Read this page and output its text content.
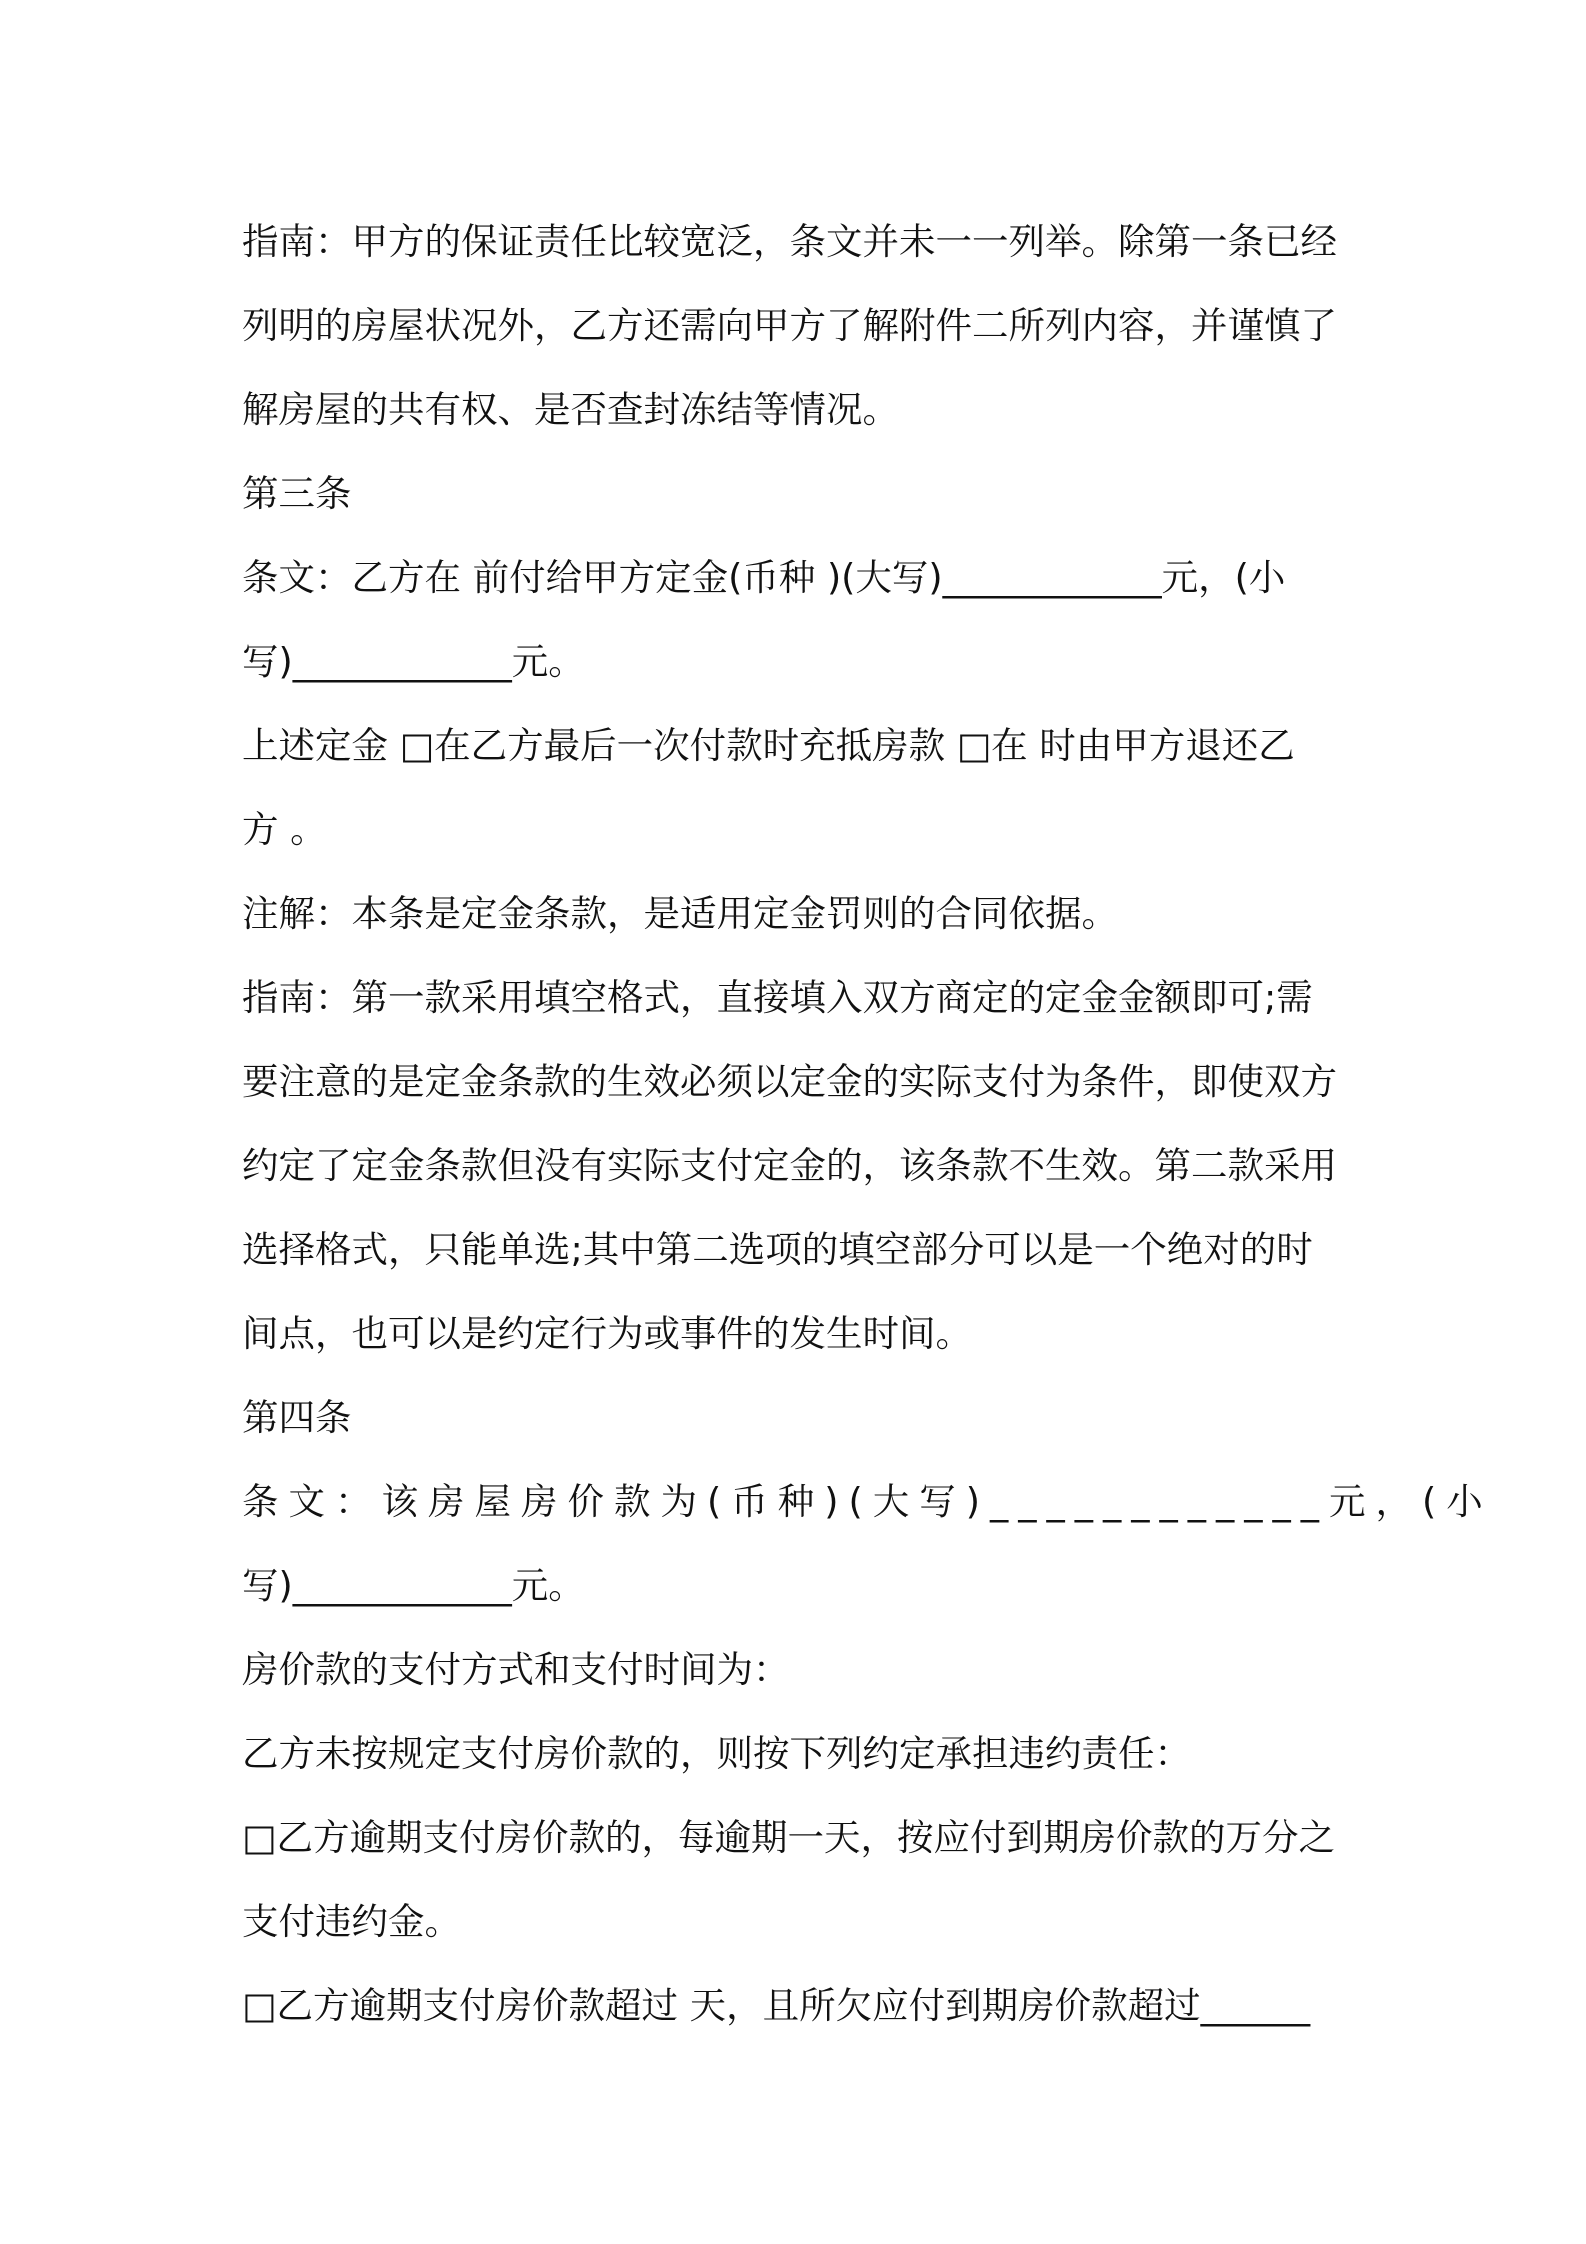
指南：甲方的保证责任比较宽泛，条文并未一一列举。除第一条已经
列明的房屋状况外，乙方还需向甲方了解附件二所列内容，并谨慎了
解房屋的共有权、是否查封冻结等情况。
第三条
条文：乙方在 前付给甲方定金(币种 )(大写)____________元，(小
写)____________元。
上述定金 □在乙方最后一次付款时充抵房款 □在 时由甲方退还乙
方 。
注解：本条是定金条款，是适用定金罚则的合同依据。
指南：第一款采用填空格式，直接填入双方商定的定金金额即可;需
要注意的是定金条款的生效必须以定金的实际支付为条件，即使双方
约定了定金条款但没有实际支付定金的，该条款不生效。第二款采用
选择格式，只能单选;其中第二选项的填空部分可以是一个绝对的时
间点，也可以是约定行为或事件的发生时间。
第四条
条文：该房屋房价款为(币种)(大写)____________元，(小
写)____________元。
房价款的支付方式和支付时间为：
乙方未按规定支付房价款的，则按下列约定承担违约责任：
□乙方逾期支付房价款的，每逾期一天，按应付到期房价款的万分之
支付违约金。
□乙方逾期支付房价款超过 天，且所欠应付到期房价款超过______
